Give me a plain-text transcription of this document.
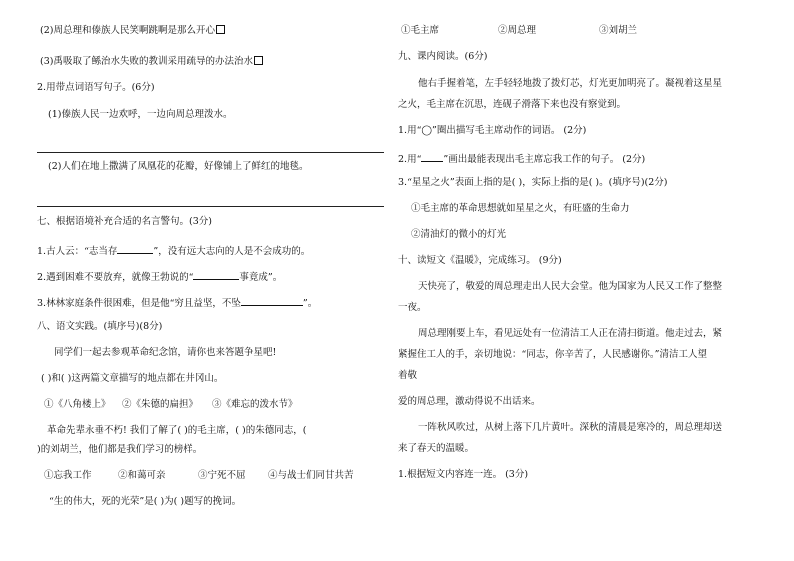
(2)周总理和傣族人民笑啊跳啊是那么开心
(3)禹吸取了鲧治水失败的教训采用疏导的办法治水
2.用带点词语写句子。(6分)
(1)傣族人民一边欢呼，一边向周总理泼水。
(2)人们在地上撒满了凤凰花的花瓣，好像铺上了鲜红的地毯。
七、根据语境补充合适的名言警句。(3分)
1.古人云：“志当存	”，没有远大志向的人是不会成功的。
2.遇到困难不要放弃，就像王勃说的“	事竟成”。
3.林林家庭条件很困难，但是他“穷且益坚，不坠	”。
八、语文实践。(填序号)(8分)
同学们一起去参观革命纪念馆，请你也来答题争星吧!
( )和( )这两篇文章描写的地点都在井冈山。
①《八角楼上》 ②《朱德的扁担》 ③《难忘的泼水节》
革命先辈永垂不朽! 我们了解了( )的毛主席，( )的朱德同志，(
)的刘胡兰，他们都是我们学习的榜样。
①忘我工作	②和蔼可亲	③宁死不屈 ④与战士们同甘共苦
“生的伟大，死的光荣”是( )为( )题写的挽词。
①毛主席	②周总理	③刘胡兰
九、课内阅读。(6分)
他右手握着笔，左手轻轻地拨了拨灯芯，灯光更加明亮了。凝视着这星星
之火，毛主席在沉思，连砚子滑落下来也没有察觉到。
1.用“◯”圈出描写毛主席动作的词语。 (2分)
2.用“ ”画出最能表现出毛主席忘我工作的句子。 (2分)
3.“星星之火”表面上指的是( )，实际上指的是( )。(填序号)(2分)
①毛主席的革命思想就如星星之火，有旺盛的生命力
②清油灯的微小的灯光
十、读短文《温暖》，完成练习。 (9分)
天快亮了，敬爱的周总理走出人民大会堂。他为国家为人民又工作了整整
一夜。
周总理刚要上车，看见远处有一位清洁工人正在清扫街道。他走过去，紧
紧握住工人的手，亲切地说：“同志，你辛苦了，人民感谢你。”清洁工人望
着敬
爱的周总理，激动得说不出话来。
一阵秋风吹过，从树上落下几片黄叶。深秋的清晨是寒冷的，周总理却送
来了春天的温暖。
1.根据短文内容连一连。 (3分)
